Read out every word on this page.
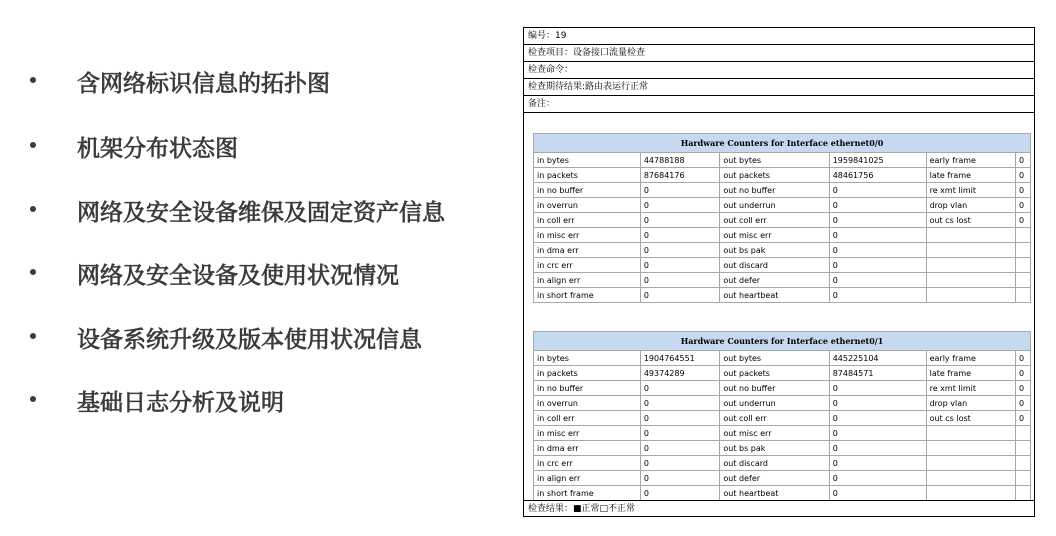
含网络标识信息的拓扑图
机架分布状态图
网络及安全设备维保及固定资产信息
网络及安全设备及使用状况情况
设备系统升级及版本使用状况信息
基础日志分析及说明
编号：19
检查项目：设备接口流量检查
检查命令：
检查期待结果:路由表运行正常
备注：
Hardware Counters for Interface ethernet0/0					
in bytes	44788188	out bytes	1959841025	early frame	0
in packets	87684176	out packets	48461756	late frame	0
in no buffer	0	out no buffer	0	re xmt limit	0
in overrun	0	out underrun	0	drop vlan	0
in coll err	0	out coll err	0	out cs lost	0
in misc err	0	out misc err	0		
in dma err	0	out bs pak	0		
in crc err	0	out discard	0		
in align err	0	out defer	0		
in short frame	0	out heartbeat	0		
Hardware Counters for Interface ethernet0/1					
in bytes	1904764551	out bytes	445225104	early frame	0
in packets	49374289	out packets	87484571	late frame	0
in no buffer	0	out no buffer	0	re xmt limit	0
in overrun	0	out underrun	0	drop vlan	0
in coll err	0	out coll err	0	out cs lost	0
in misc err	0	out misc err	0		
in dma err	0	out bs pak	0		
in crc err	0	out discard	0		
in align err	0	out defer	0		
in short frame	0	out heartbeat	0		
检查结果：■正常□不正常
